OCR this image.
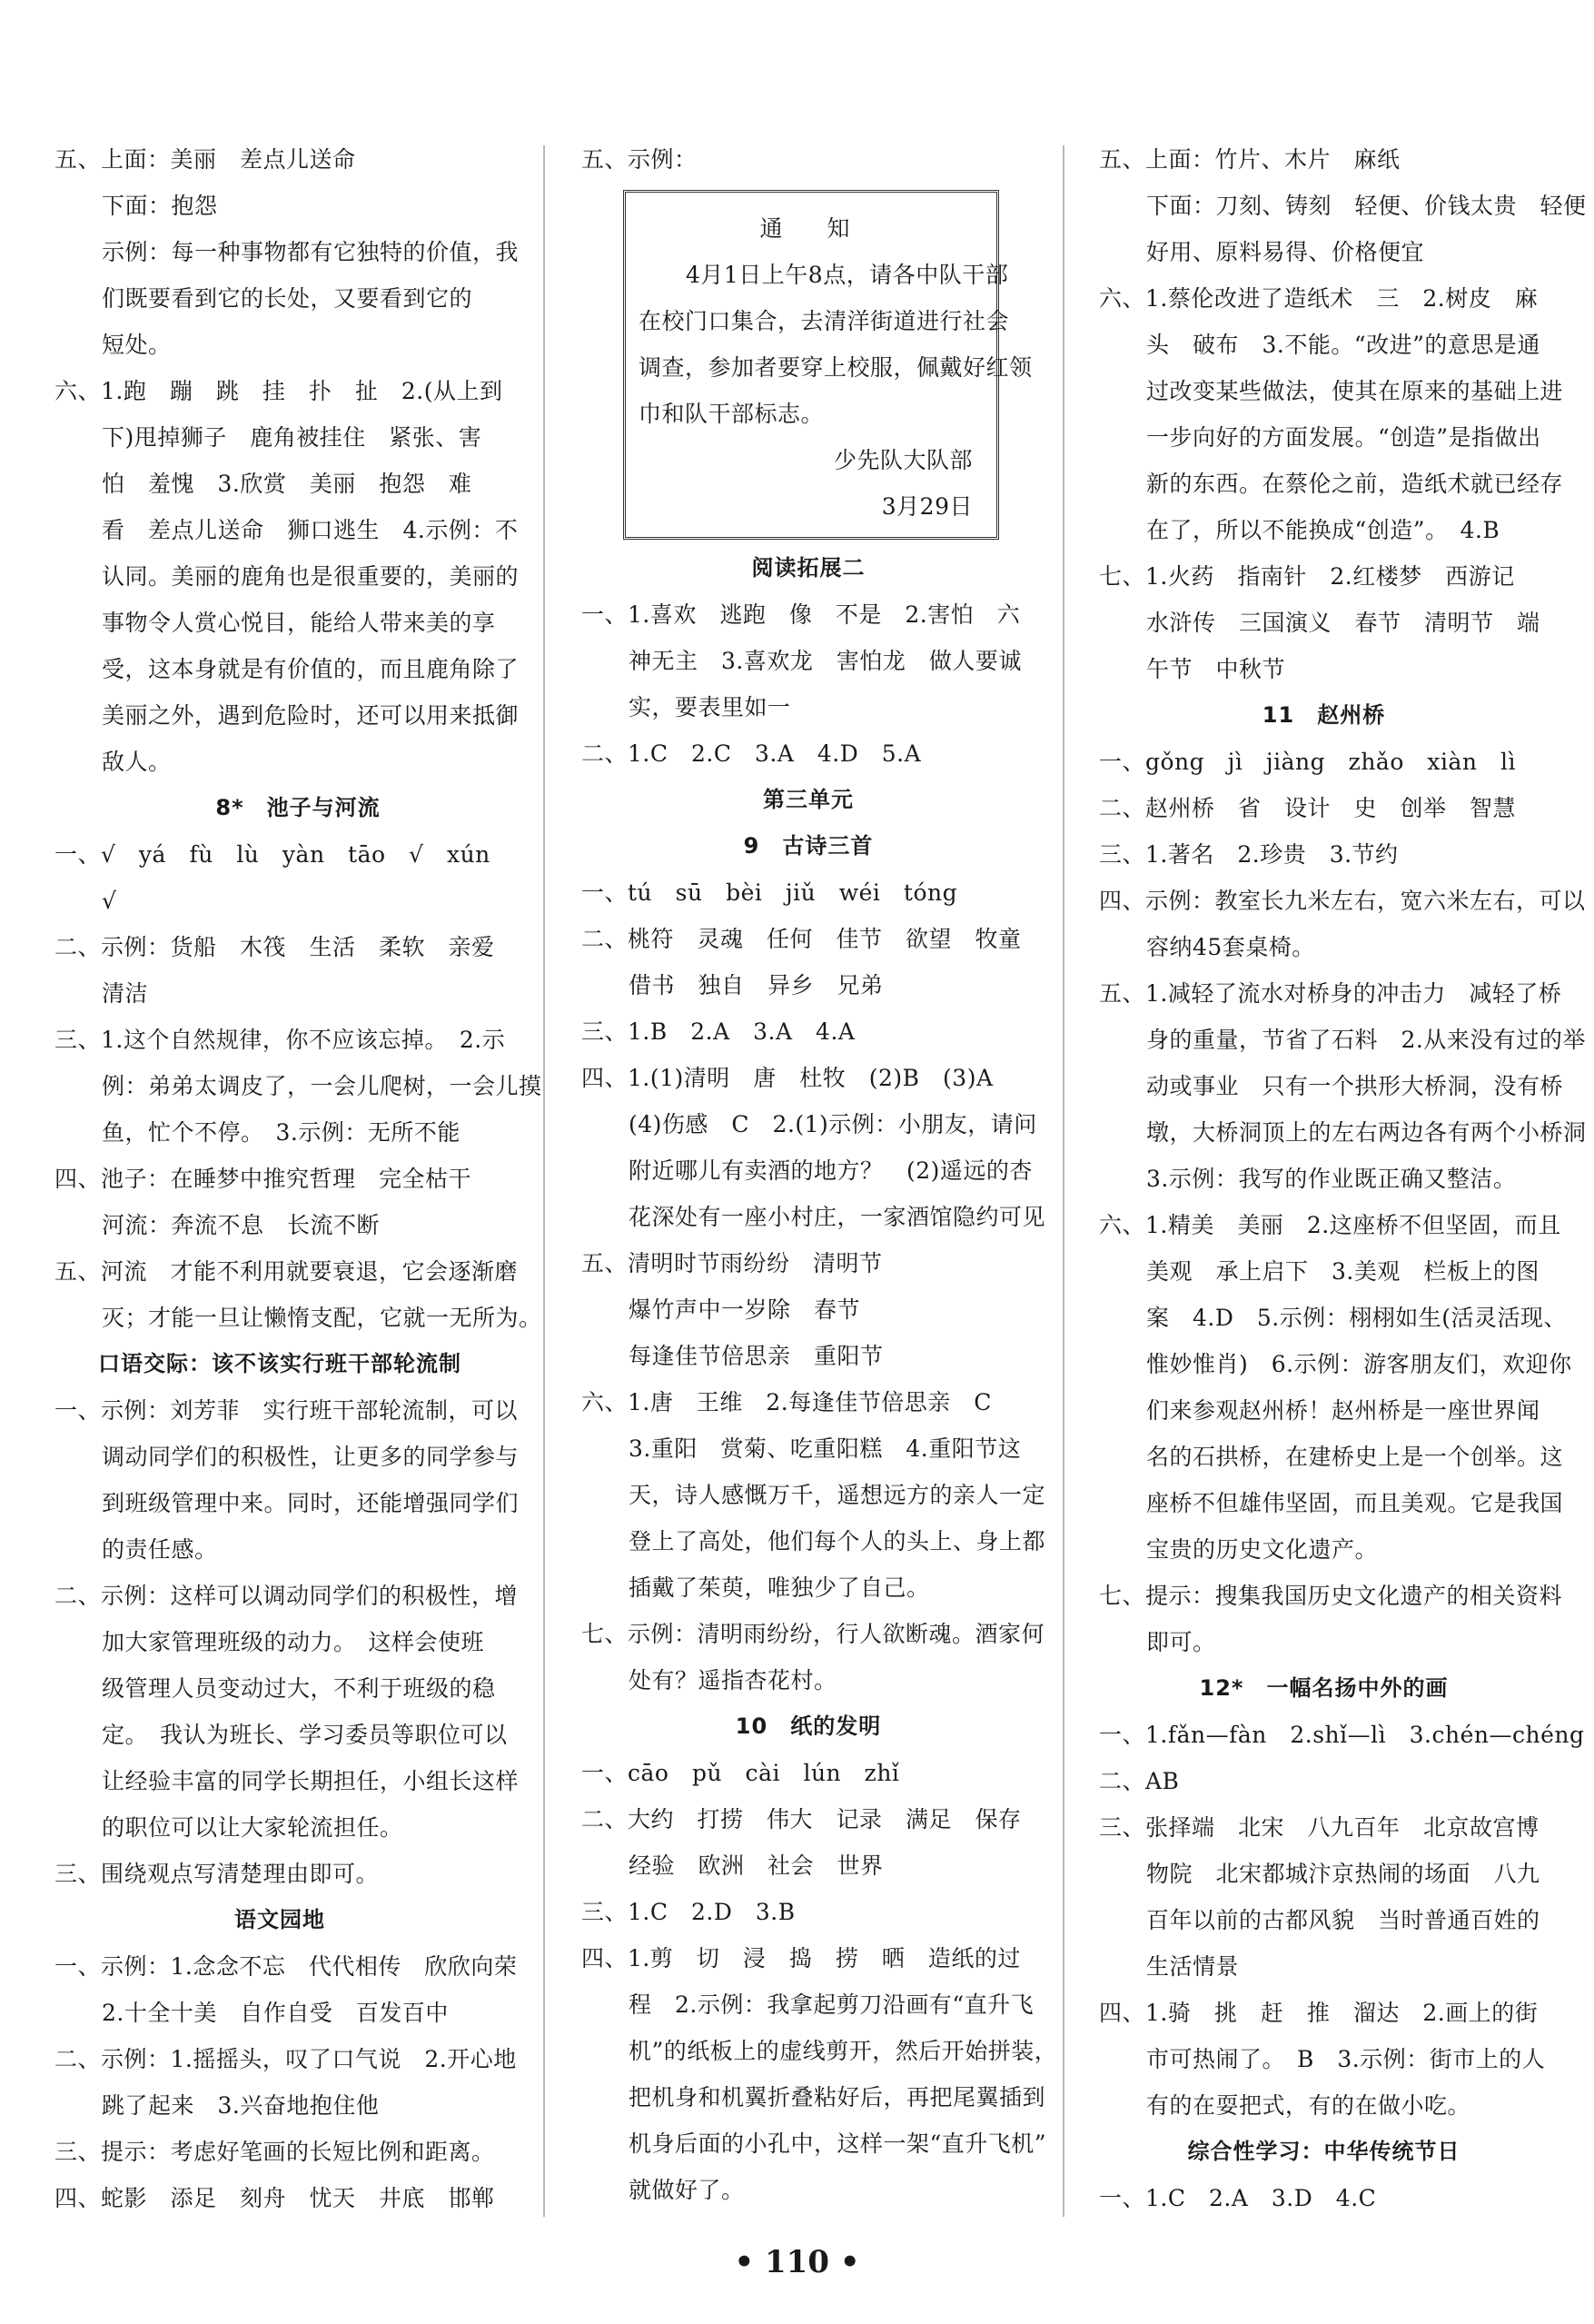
五、上面：美丽　差点儿送命

下面：抱怨

示例：每一种事物都有它独特的价值，我

们既要看到它的长处，又要看到它的

短处。

六、1.跑　蹦　跳　挂　扑　扯　2.(从上到

下)甩掉狮子　鹿角被挂住　紧张、害

怕　羞愧　3.欣赏　美丽　抱怨　难

看　差点儿送命　狮口逃生　4.示例：不

认同。美丽的鹿角也是很重要的，美丽的

事物令人赏心悦目，能给人带来美的享

受，这本身就是有价值的，而且鹿角除了

美丽之外，遇到危险时，还可以用来抵御

敌人。

8*　池子与河流

一、√　yá　fù　lù　yàn　tāo　√　xún

√

二、示例：货船　木筏　生活　柔软　亲爱

清洁

三、1.这个自然规律，你不应该忘掉。　2.示

例：弟弟太调皮了，一会儿爬树，一会儿摸

鱼，忙个不停。　3.示例：无所不能

四、池子：在睡梦中推究哲理　完全枯干

河流：奔流不息　长流不断

五、河流　才能不利用就要衰退，它会逐渐磨

灭；才能一旦让懒惰支配，它就一无所为。

口语交际：该不该实行班干部轮流制

一、示例：刘芳菲　实行班干部轮流制，可以

调动同学们的积极性，让更多的同学参与

到班级管理中来。同时，还能增强同学们

的责任感。

二、示例：这样可以调动同学们的积极性，增

加大家管理班级的动力。　这样会使班

级管理人员变动过大，不利于班级的稳

定。　我认为班长、学习委员等职位可以

让经验丰富的同学长期担任，小组长这样

的职位可以让大家轮流担任。

三、围绕观点写清楚理由即可。

语文园地

一、示例：1.念念不忘　代代相传　欣欣向荣

2.十全十美　自作自受　百发百中

二、示例：1.摇摇头，叹了口气说　2.开心地

跳了起来　3.兴奋地抱住他

三、提示：考虑好笔画的长短比例和距离。

四、蛇影　添足　刻舟　忧天　井底　邯郸

五、示例：

通　知

4月1日上午8点，请各中队干部

在校门口集合，去清洋街道进行社会

调查，参加者要穿上校服，佩戴好红领

巾和队干部标志。

少先队大队部

3月29日

阅读拓展二

一、1.喜欢　逃跑　像　不是　2.害怕　六

神无主　3.喜欢龙　害怕龙　做人要诚

实，要表里如一

二、1.C　2.C　3.A　4.D　5.A

第三单元

9　古诗三首

一、tú　sū　bèi　jiǔ　wéi　tóng

二、桃符　灵魂　任何　佳节　欲望　牧童

借书　独自　异乡　兄弟

三、1.B　2.A　3.A　4.A

四、1.(1)清明　唐　杜牧　(2)B　(3)A

(4)伤感　C　2.(1)示例：小朋友，请问

附近哪儿有卖酒的地方？　(2)遥远的杏

花深处有一座小村庄，一家酒馆隐约可见

五、清明时节雨纷纷　清明节

爆竹声中一岁除　春节

每逢佳节倍思亲　重阳节

六、1.唐　王维　2.每逢佳节倍思亲　C

3.重阳　赏菊、吃重阳糕　4.重阳节这

天，诗人感慨万千，遥想远方的亲人一定

登上了高处，他们每个人的头上、身上都

插戴了茱萸，唯独少了自己。

七、示例：清明雨纷纷，行人欲断魂。酒家何

处有？遥指杏花村。

10　纸的发明

一、cāo　pǔ　cài　lún　zhǐ

二、大约　打捞　伟大　记录　满足　保存

经验　欧洲　社会　世界

三、1.C　2.D　3.B

四、1.剪　切　浸　捣　捞　晒　造纸的过

程　2.示例：我拿起剪刀沿画有“直升飞

机”的纸板上的虚线剪开，然后开始拼装，

把机身和机翼折叠粘好后，再把尾翼插到

机身后面的小孔中，这样一架“直升飞机”

就做好了。

五、上面：竹片、木片　麻纸

下面：刀刻、铸刻　轻便、价钱太贵　轻便

好用、原料易得、价格便宜

六、1.蔡伦改进了造纸术　三　2.树皮　麻

头　破布　3.不能。“改进”的意思是通

过改变某些做法，使其在原来的基础上进

一步向好的方面发展。“创造”是指做出

新的东西。在蔡伦之前，造纸术就已经存

在了，所以不能换成“创造”。　4.B

七、1.火药　指南针　2.红楼梦　西游记

水浒传　三国演义　春节　清明节　端

午节　中秋节

11　赵州桥

一、gǒng　jì　jiàng　zhǎo　xiàn　lì

二、赵州桥　省　设计　史　创举　智慧

三、1.著名　2.珍贵　3.节约

四、示例：教室长九米左右，宽六米左右，可以

容纳45套桌椅。

五、1.减轻了流水对桥身的冲击力　减轻了桥

身的重量，节省了石料　2.从来没有过的举

动或事业　只有一个拱形大桥洞，没有桥

墩，大桥洞顶上的左右两边各有两个小桥洞

3.示例：我写的作业既正确又整洁。

六、1.精美　美丽　2.这座桥不但坚固，而且

美观　承上启下　3.美观　栏板上的图

案　4.D　5.示例：栩栩如生(活灵活现、

惟妙惟肖)　6.示例：游客朋友们，欢迎你

们来参观赵州桥！赵州桥是一座世界闻

名的石拱桥，在建桥史上是一个创举。这

座桥不但雄伟坚固，而且美观。它是我国

宝贵的历史文化遗产。

七、提示：搜集我国历史文化遗产的相关资料

即可。

12*　一幅名扬中外的画

一、1.fǎn—fàn　2.shǐ—lì　3.chén—chéng

二、AB

三、张择端　北宋　八九百年　北京故宫博

物院　北宋都城汴京热闹的场面　八九

百年以前的古都风貌　当时普通百姓的

生活情景

四、1.骑　挑　赶　推　溜达　2.画上的街

市可热闹了。　B　3.示例：街市上的人

有的在耍把式，有的在做小吃。

综合性学习：中华传统节日

一、1.C　2.A　3.D　4.C

• 110 •
